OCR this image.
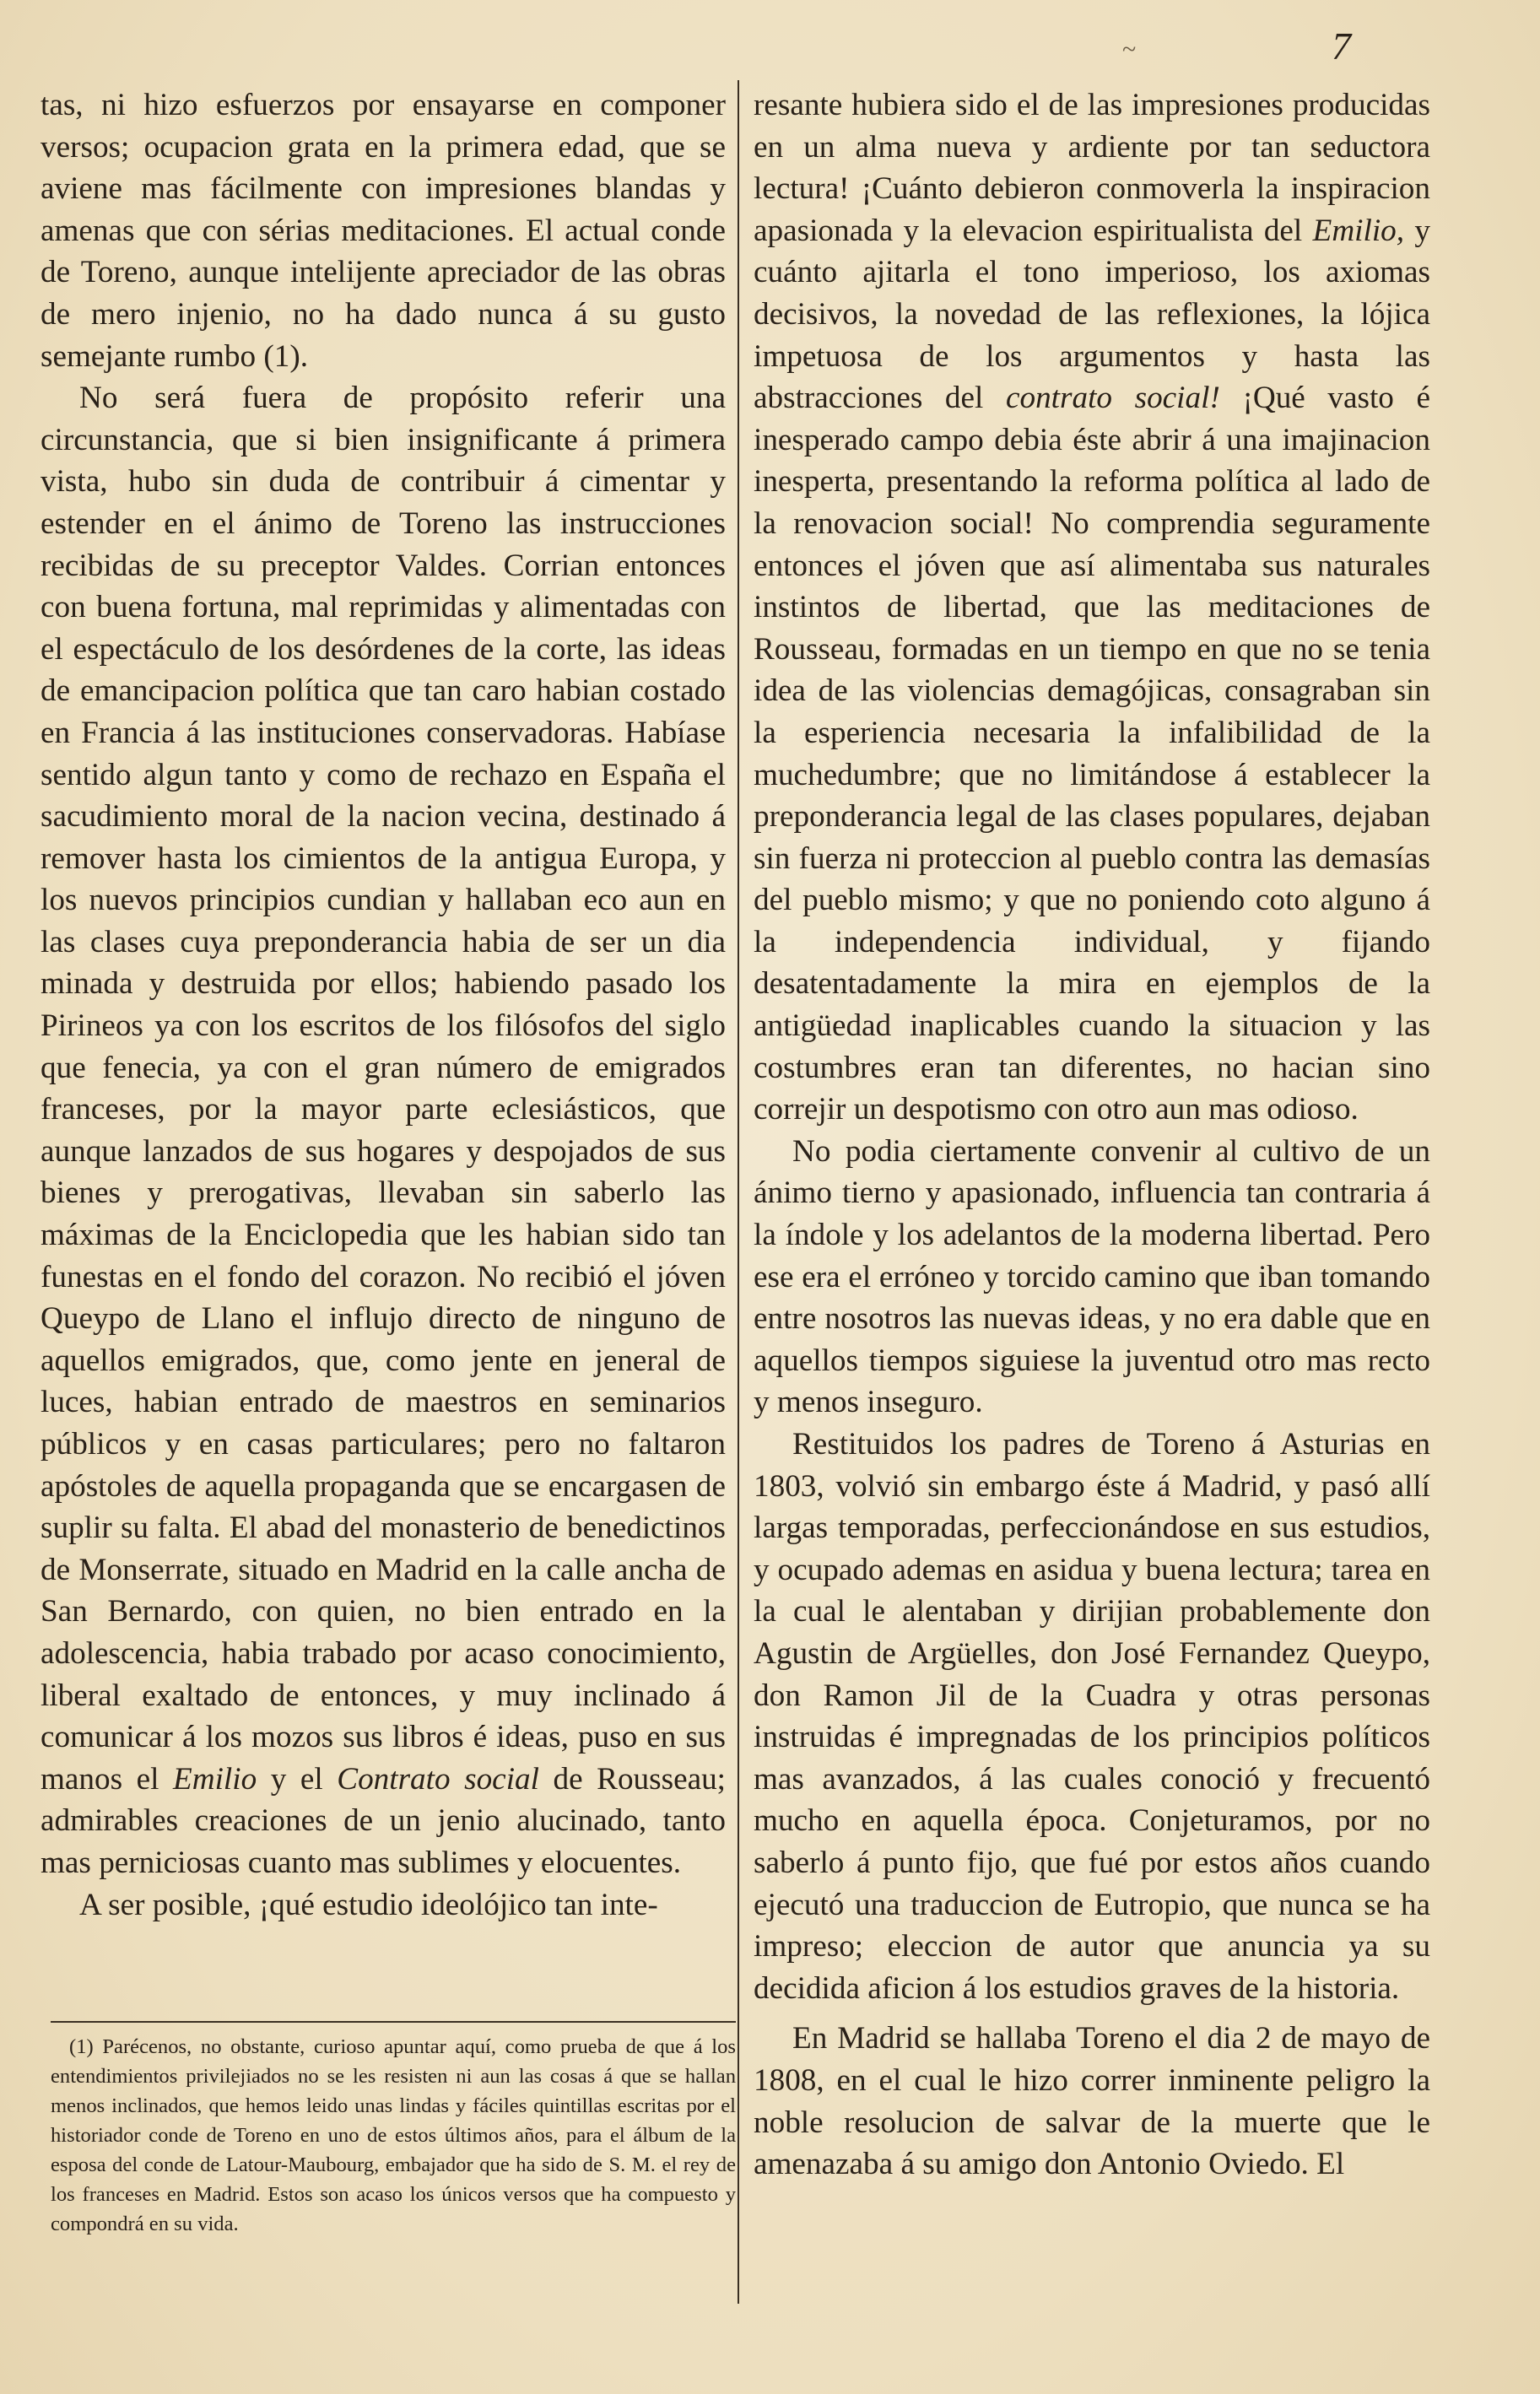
~	7

tas, ni hizo esfuerzos por ensayarse en componer versos; ocupacion grata en la primera edad, que se aviene mas fácilmente con impresiones blandas y amenas que con sérias meditaciones. El actual conde de Toreno, aunque intelijente apreciador de las obras de mero injenio, no ha dado nunca á su gusto semejante rumbo (1).

No será fuera de propósito referir una circunstancia, que si bien insignificante á primera vista, hubo sin duda de contribuir á cimentar y estender en el ánimo de Toreno las instrucciones recibidas de su preceptor Valdes. Corrian entonces con buena fortuna, mal reprimidas y alimentadas con el espectáculo de los desórdenes de la corte, las ideas de emancipacion política que tan caro habian costado en Francia á las instituciones conservadoras. Habíase sentido algun tanto y como de rechazo en España el sacudimiento moral de la nacion vecina, destinado á remover hasta los cimientos de la antigua Europa, y los nuevos principios cundian y hallaban eco aun en las clases cuya preponderancia habia de ser un dia minada y destruida por ellos; habiendo pasado los Pirineos ya con los escritos de los filósofos del siglo que fenecia, ya con el gran número de emigrados franceses, por la mayor parte eclesiásticos, que aunque lanzados de sus hogares y despojados de sus bienes y prerogativas, llevaban sin saberlo las máximas de la Enciclopedia que les habian sido tan funestas en el fondo del corazon. No recibió el jóven Queypo de Llano el influjo directo de ninguno de aquellos emigrados, que, como jente en jeneral de luces, habian entrado de maestros en seminarios públicos y en casas particulares; pero no faltaron apóstoles de aquella propaganda que se encargasen de suplir su falta. El abad del monasterio de benedictinos de Monserrate, situado en Madrid en la calle ancha de San Bernardo, con quien, no bien entrado en la adolescencia, habia trabado por acaso conocimiento, liberal exaltado de entonces, y muy inclinado á comunicar á los mozos sus libros é ideas, puso en sus manos el Emilio y el Contrato social de Rousseau; admirables creaciones de un jenio alucinado, tanto mas perniciosas cuanto mas sublimes y elocuentes.

A ser posible, ¡qué estudio ideolójico tan inte-

(1) Parécenos, no obstante, curioso apuntar aquí, como prueba de que á los entendimientos privilejiados no se les resisten ni aun las cosas á que se hallan menos inclinados, que hemos leido unas lindas y fáciles quintillas escritas por el historiador conde de Toreno en uno de estos últimos años, para el álbum de la esposa del conde de Latour-Maubourg, embajador que ha sido de S. M. el rey de los franceses en Madrid. Estos son acaso los únicos versos que ha compuesto y compondrá en su vida.

resante hubiera sido el de las impresiones producidas en un alma nueva y ardiente por tan seductora lectura! ¡Cuánto debieron conmoverla la inspiracion apasionada y la elevacion espiritualista del Emilio, y cuánto ajitarla el tono imperioso, los axiomas decisivos, la novedad de las reflexiones, la lójica impetuosa de los argumentos y hasta las abstracciones del contrato social! ¡Qué vasto é inesperado campo debia éste abrir á una imajinacion inesperta, presentando la reforma política al lado de la renovacion social! No comprendia seguramente entonces el jóven que así alimentaba sus naturales instintos de libertad, que las meditaciones de Rousseau, formadas en un tiempo en que no se tenia idea de las violencias demagójicas, consagraban sin la esperiencia necesaria la infalibilidad de la muchedumbre; que no limitándose á establecer la preponderancia legal de las clases populares, dejaban sin fuerza ni proteccion al pueblo contra las demasías del pueblo mismo; y que no poniendo coto alguno á la independencia individual, y fijando desatentadamente la mira en ejemplos de la antigüedad inaplicables cuando la situacion y las costumbres eran tan diferentes, no hacian sino correjir un despotismo con otro aun mas odioso.

No podia ciertamente convenir al cultivo de un ánimo tierno y apasionado, influencia tan contraria á la índole y los adelantos de la moderna libertad. Pero ese era el erróneo y torcido camino que iban tomando entre nosotros las nuevas ideas, y no era dable que en aquellos tiempos siguiese la juventud otro mas recto y menos inseguro.

Restituidos los padres de Toreno á Asturias en 1803, volvió sin embargo éste á Madrid, y pasó allí largas temporadas, perfeccionándose en sus estudios, y ocupado ademas en asidua y buena lectura; tarea en la cual le alentaban y dirijian probablemente don Agustin de Argüelles, don José Fernandez Queypo, don Ramon Jil de la Cuadra y otras personas instruidas é impregnadas de los principios políticos mas avanzados, á las cuales conoció y frecuentó mucho en aquella época. Conjeturamos, por no saberlo á punto fijo, que fué por estos años cuando ejecutó una traduccion de Eutropio, que nunca se ha impreso; eleccion de autor que anuncia ya su decidida aficion á los estudios graves de la historia.

En Madrid se hallaba Toreno el dia 2 de mayo de 1808, en el cual le hizo correr inminente peligro la noble resolucion de salvar de la muerte que le amenazaba á su amigo don Antonio Oviedo. El
